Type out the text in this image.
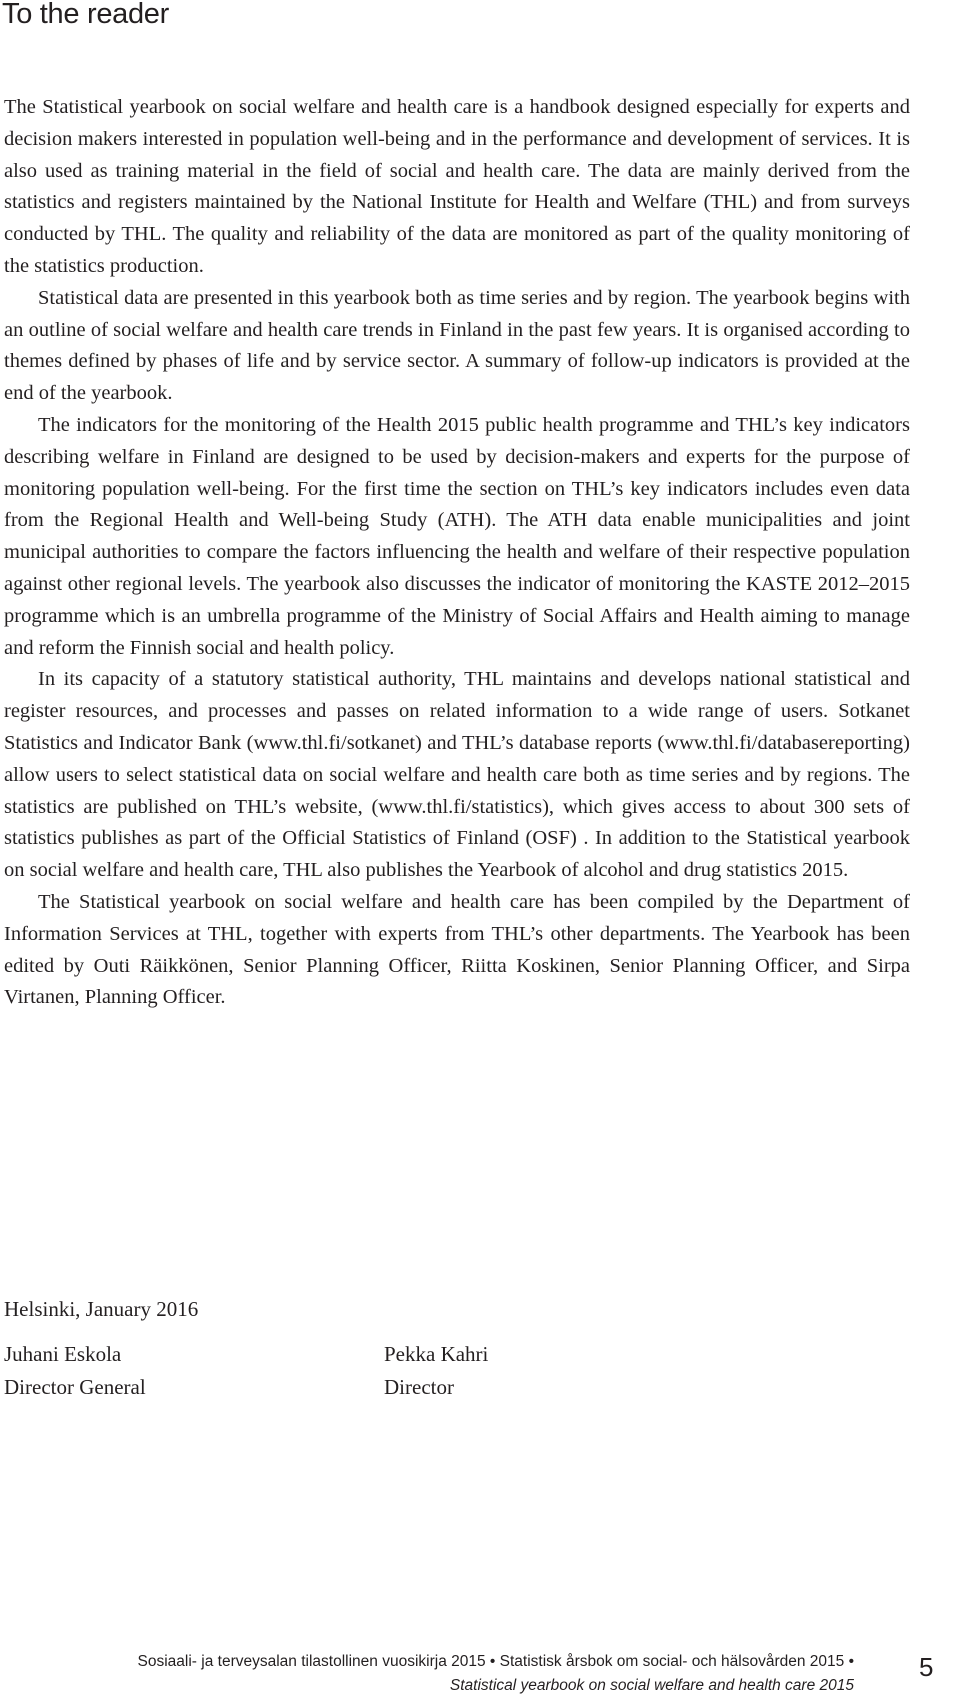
To the reader

The Statistical yearbook on social welfare and health care is a handbook designed especially for experts and decision makers interested in population well-being and in the performance and development of services. It is also used as training material in the field of social and health care. The data are mainly derived from the statistics and registers maintained by the National Institute for Health and Welfare (THL) and from surveys conducted by THL. The quality and reliability of the data are monitored as part of the quality monitoring of the statistics production.

Statistical data are presented in this yearbook both as time series and by region. The yearbook begins with an outline of social welfare and health care trends in Finland in the past few years. It is organised according to themes defined by phases of life and by service sector. A summary of follow-up indicators is provided at the end of the yearbook.

The indicators for the monitoring of the Health 2015 public health programme and THL’s key indicators describing welfare in Finland are designed to be used by decision-makers and experts for the purpose of monitoring population well-being. For the first time the section on THL’s key indicators includes even data from the Regional Health and Well-being Study (ATH). The ATH data enable municipalities and joint municipal authorities to compare the factors influencing the health and welfare of their respective population against other regional levels. The yearbook also discusses the indicator of monitoring the KASTE 2012–2015 programme which is an umbrella programme of the Ministry of Social Affairs and Health aiming to manage and reform the Finnish social and health policy.

In its capacity of a statutory statistical authority, THL maintains and develops national statistical and register resources, and processes and passes on related information to a wide range of users. Sotkanet Statistics and Indicator Bank (www.thl.fi/sotkanet) and THL’s database reports (www.thl.fi/databasereporting) allow users to select statistical data on social welfare and health care both as time series and by regions. The statistics are published on THL’s website, (www.thl.fi/statistics), which gives access to about 300 sets of statistics publishes as part of the Official Statistics of Finland (OSF) . In addition to the Statistical yearbook on social welfare and health care, THL also publishes the Yearbook of alcohol and drug statistics 2015.

The Statistical yearbook on social welfare and health care has been compiled by the Department of Information Services at THL, together with experts from THL’s other departments. The Yearbook has been edited by Outi Räikkönen, Senior Planning Officer, Riitta Koskinen, Senior Planning Officer, and Sirpa Virtanen, Planning Officer.

Helsinki, January 2016
Juhani Eskola
Director General
Pekka Kahri
Director
Sosiaali- ja terveysalan tilastollinen vuosikirja 2015 • Statistisk årsbok om social- och hälsovården 2015 •
Statistical yearbook on social welfare and health care 2015
5
